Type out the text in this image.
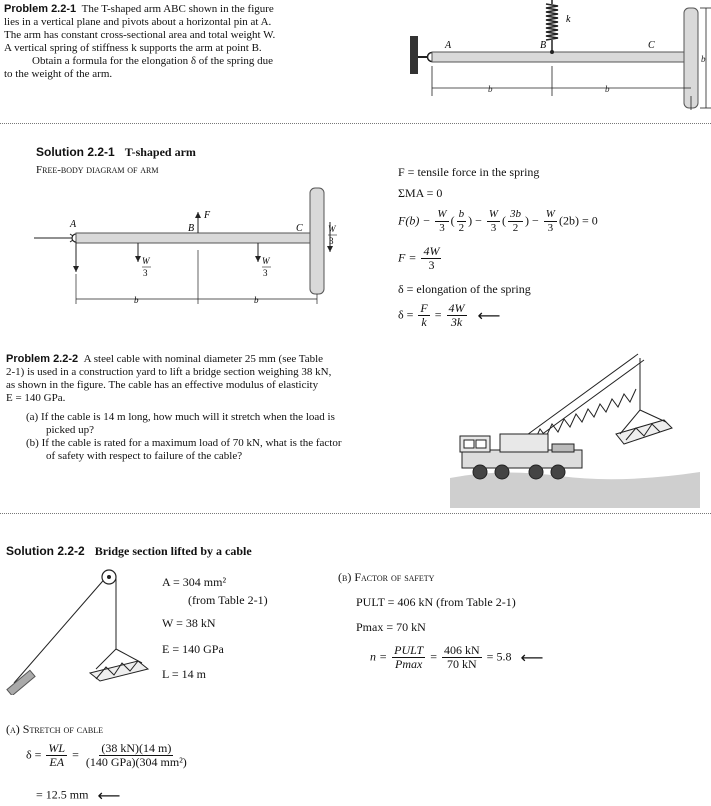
Problem 2.2-1 The T-shaped arm ABC shown in the figure
lies in a vertical plane and pivots about a horizontal pin at A.
The arm has constant cross-sectional area and total weight W.
A vertical spring of stiffness k supports the arm at point B.
Obtain a formula for the elongation δ of the spring due
to the weight of the arm.
A	B	C
k
b	b
b
Solution 2.2-1 T-shaped arm
Free-body diagram of arm
A	B	C
F
W
3
W
3
W
3
b	b
F = tensile force in the spring
ΣMA = 0
$F(b) - \frac{W}{3}$ ( $\frac{b}{2}$ ) − $\frac{W}{3}$ ( $\frac{3b}{2}$ ) − $\frac{W}{3} (2b) = 0$
$F = \frac{4W}{3}$
δ = elongation of the spring
$\delta = \frac{F}{k} = \frac{4W}{3k}$ ⟵
Problem 2.2-2 A steel cable with nominal diameter 25 mm (see Table
2-1) is used in a construction yard to lift a bridge section weighing 38 kN,
as shown in the figure. The cable has an effective modulus of elasticity
E = 140 GPa.
(a) If the cable is 14 m long, how much will it stretch when the load is
picked up?
(b) If the cable is rated for a maximum load of 70 kN, what is the factor
of safety with respect to failure of the cable?
Solution 2.2-2 Bridge section lifted by a cable
A = 304 mm²
(from Table 2-1)
W = 38 kN
E = 140 GPa
L = 14 m
(b) Factor of safety
PULT = 406 kN (from Table 2-1)
Pmax = 70 kN
$n = \frac{\text{PULT}}{Pmax} = \frac{406 kN}{70 kN} = 5.8$ ⟵
(a) Stretch of cable
$\delta = \frac{WL}{EA} = \frac{(38 kN)(14 m)}{\text{(140 GPa)(304 mm²)}}$
= 12.5 mm ⟵
